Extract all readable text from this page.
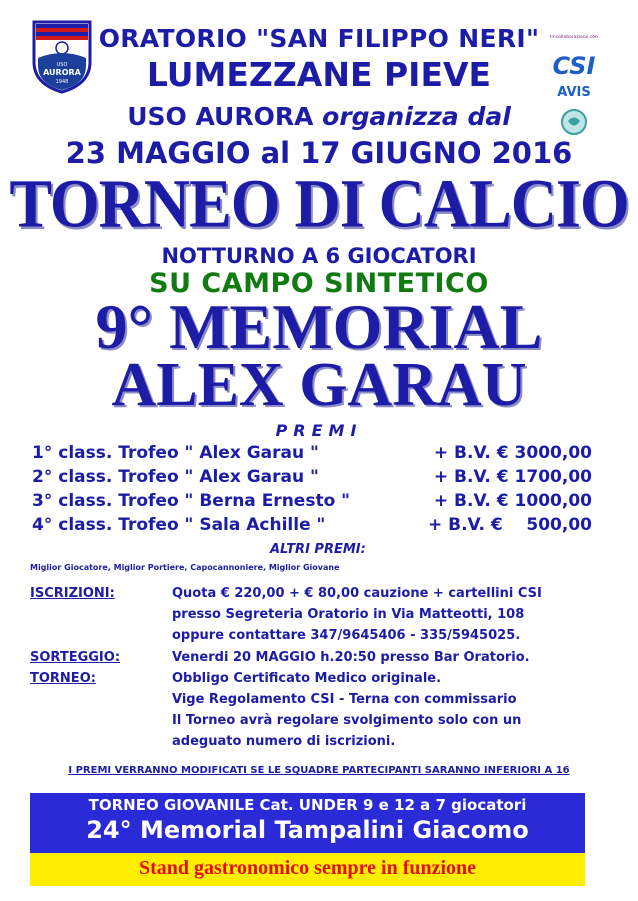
USO
AURORA
1948
In collaborazione con
CSI
AVIS
ORATORIO "SAN FILIPPO NERI"
LUMEZZANE PIEVE
USO AURORA organizza dal
23 MAGGIO al 17 GIUGNO 2016
TORNEO DI CALCIO
NOTTURNO A 6 GIOCATORI
SU CAMPO SINTETICO
9° MEMORIAL
ALEX GARAU
PREMI
1° class. Trofeo " Alex Garau "	+ B.V. € 3000,00
2° class. Trofeo " Alex Garau "	+ B.V. € 1700,00
3° class. Trofeo " Berna Ernesto "	+ B.V. € 1000,00
4° class. Trofeo " Sala Achille "	+ B.V. €    500,00
ALTRI PREMI:
Miglior Giocatore, Miglior Portiere, Capocannoniere, Miglior Giovane
ISCRIZIONI:	Quota € 220,00 + € 80,00 cauzione + cartellini CSI
presso Segreteria Oratorio in Via Matteotti, 108
oppure contattare 347/9645406 - 335/5945025.
SORTEGGIO:	Venerdi 20 MAGGIO h.20:50 presso Bar Oratorio.
TORNEO:	Obbligo Certificato Medico originale.
Vige Regolamento CSI - Terna con commissario
Il Torneo avrà regolare svolgimento solo con un
adeguato numero di iscrizioni.
I PREMI VERRANNO MODIFICATI SE LE SQUADRE PARTECIPANTI SARANNO INFERIORI A 16
TORNEO GIOVANILE Cat. UNDER 9 e 12 a 7 giocatori
24° Memorial Tampalini Giacomo
Stand gastronomico sempre in funzione
